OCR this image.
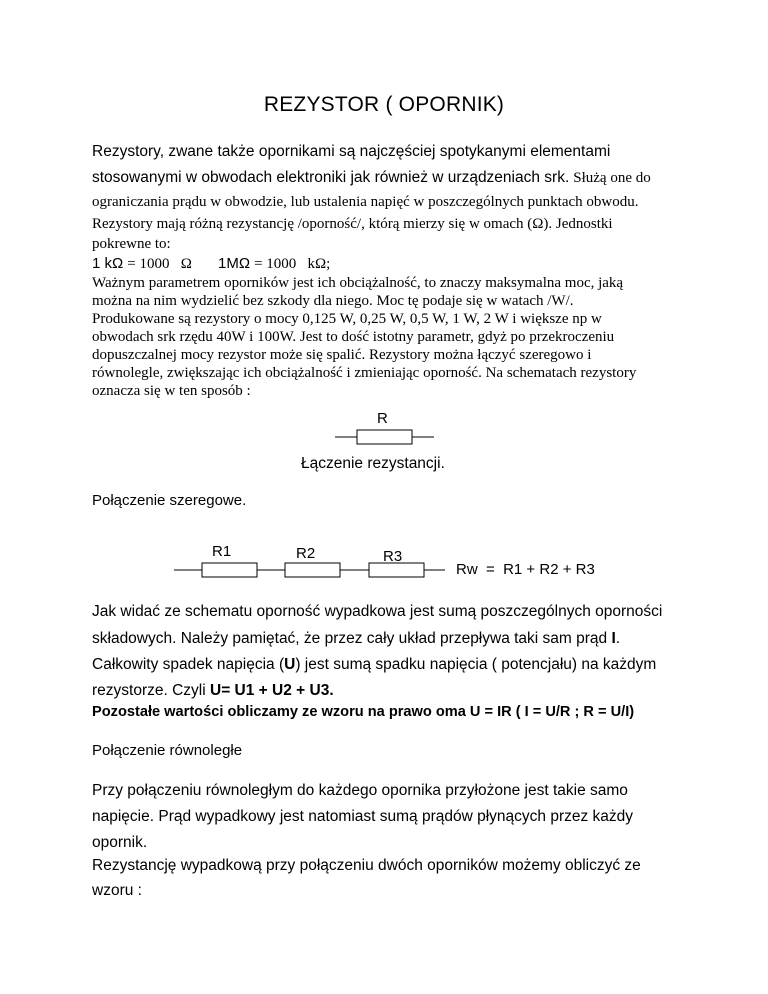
REZYSTOR ( OPORNIK)
Rezystory, zwane także opornikami są najczęściej spotykanymi elementami
stosowanymi w obwodach elektroniki jak również w urządzeniach srk. Służą one do
ograniczania prądu w obwodzie, lub ustalenia napięć w poszczególnych punktach obwodu.
Rezystory mają różną rezystancję /oporność/, którą mierzy się w omach (Ω). Jednostki
pokrewne to:
1 kΩ = 1000   Ω 1MΩ = 1000   kΩ;
Ważnym parametrem oporników jest ich obciążalność, to znaczy maksymalna moc, jaką
można na nim wydzielić bez szkody dla niego. Moc tę podaje się w watach /W/.
Produkowane są rezystory o mocy 0,125 W, 0,25 W, 0,5 W, 1 W, 2 W i większe np w
obwodach srk rzędu 40W i 100W. Jest to dość istotny parametr, gdyż po przekroczeniu
dopuszczalnej mocy rezystor może się spalić. Rezystory można łączyć szeregowo i
równolegle, zwiększając ich obciążalność i zmieniając oporność. Na schematach rezystory
oznacza się w ten sposób :
R
Łączenie rezystancji.
Połączenie szeregowe.
R1	R2	R3
Rw  =  R1 + R2 + R3
Jak widać ze schematu oporność wypadkowa jest sumą poszczególnych oporności
składowych. Należy pamiętać, że przez cały układ przepływa taki sam prąd I.
Całkowity spadek napięcia (U) jest sumą spadku napięcia ( potencjału) na każdym
rezystorze. Czyli U= U1 + U2 + U3.
Pozostałe wartości obliczamy ze wzoru na prawo oma U = IR ( I = U/R ; R = U/I)
Połączenie równoległe
Przy połączeniu równoległym do każdego opornika przyłożone jest takie samo
napięcie. Prąd wypadkowy jest natomiast sumą prądów płynących przez każdy
opornik.
Rezystancję wypadkową przy połączeniu dwóch oporników możemy obliczyć ze
wzoru :
